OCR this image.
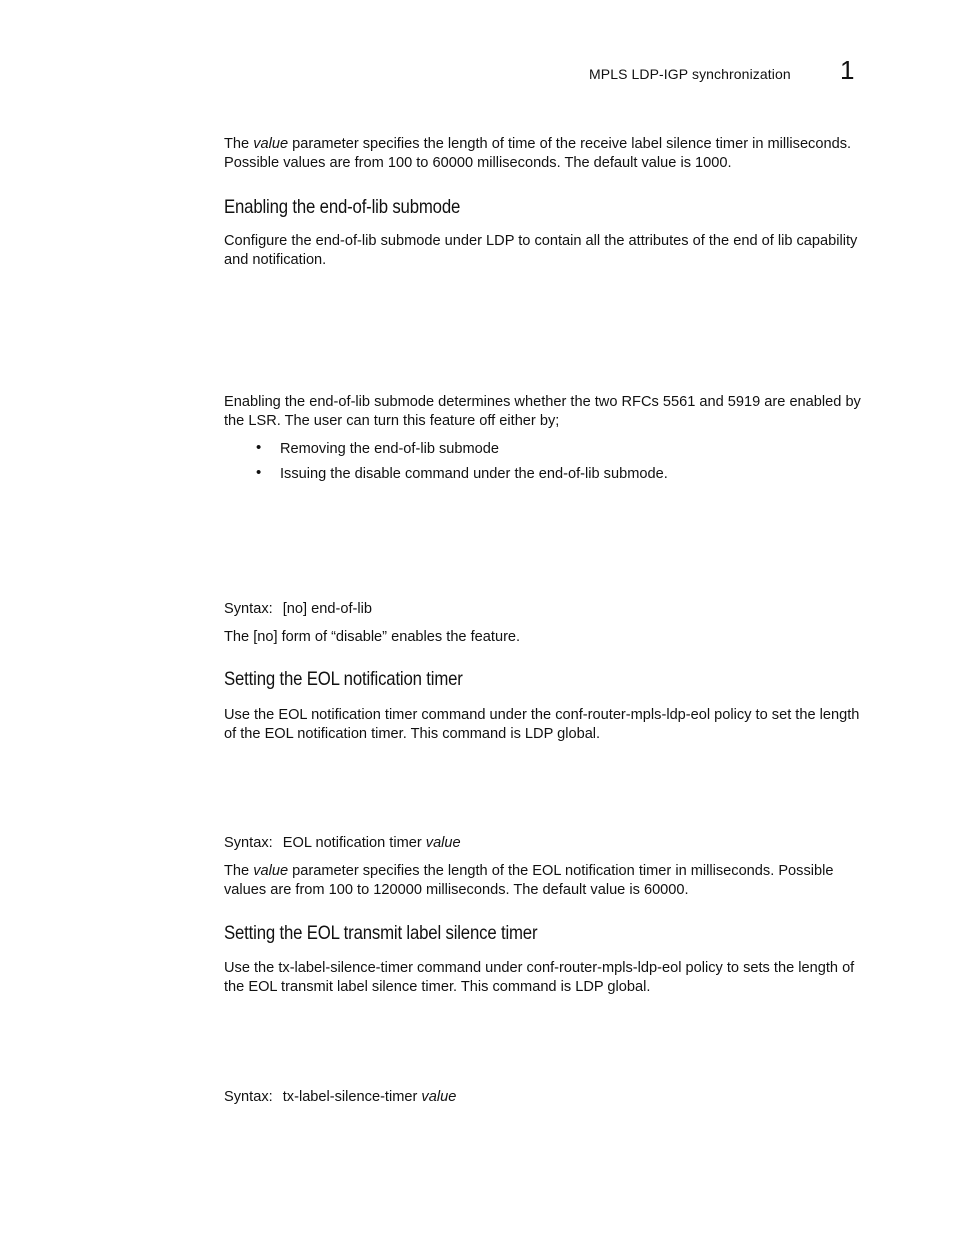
MPLS LDP-IGP synchronization 1

The value parameter specifies the length of time of the receive label silence timer in milliseconds.

Possible values are from 100 to 60000 milliseconds. The default value is 1000.

Enabling the end-of-lib submode

Configure the end-of-lib submode under LDP to contain all the attributes of the end of lib capability

and notification.

Enabling the end-of-lib submode determines whether the two RFCs 5561 and 5919 are enabled by

the LSR. The user can turn this feature off either by;

• Removing the end-of-lib submode
• Issuing the disable command under the end-of-lib submode.
Syntax: [no] end-of-lib

The [no] form of “disable” enables the feature.

Setting the EOL notification timer

Use the EOL notification timer command under the conf-router-mpls-ldp-eol policy to set the length

of the EOL notification timer. This command is LDP global.

Syntax: EOL notification timer value

The value parameter specifies the length of the EOL notification timer in milliseconds. Possible

values are from 100 to 120000 milliseconds. The default value is 60000.

Setting the EOL transmit label silence timer

Use the tx-label-silence-timer command under conf-router-mpls-ldp-eol policy to sets the length of

the EOL transmit label silence timer. This command is LDP global.

Syntax: tx-label-silence-timer value
